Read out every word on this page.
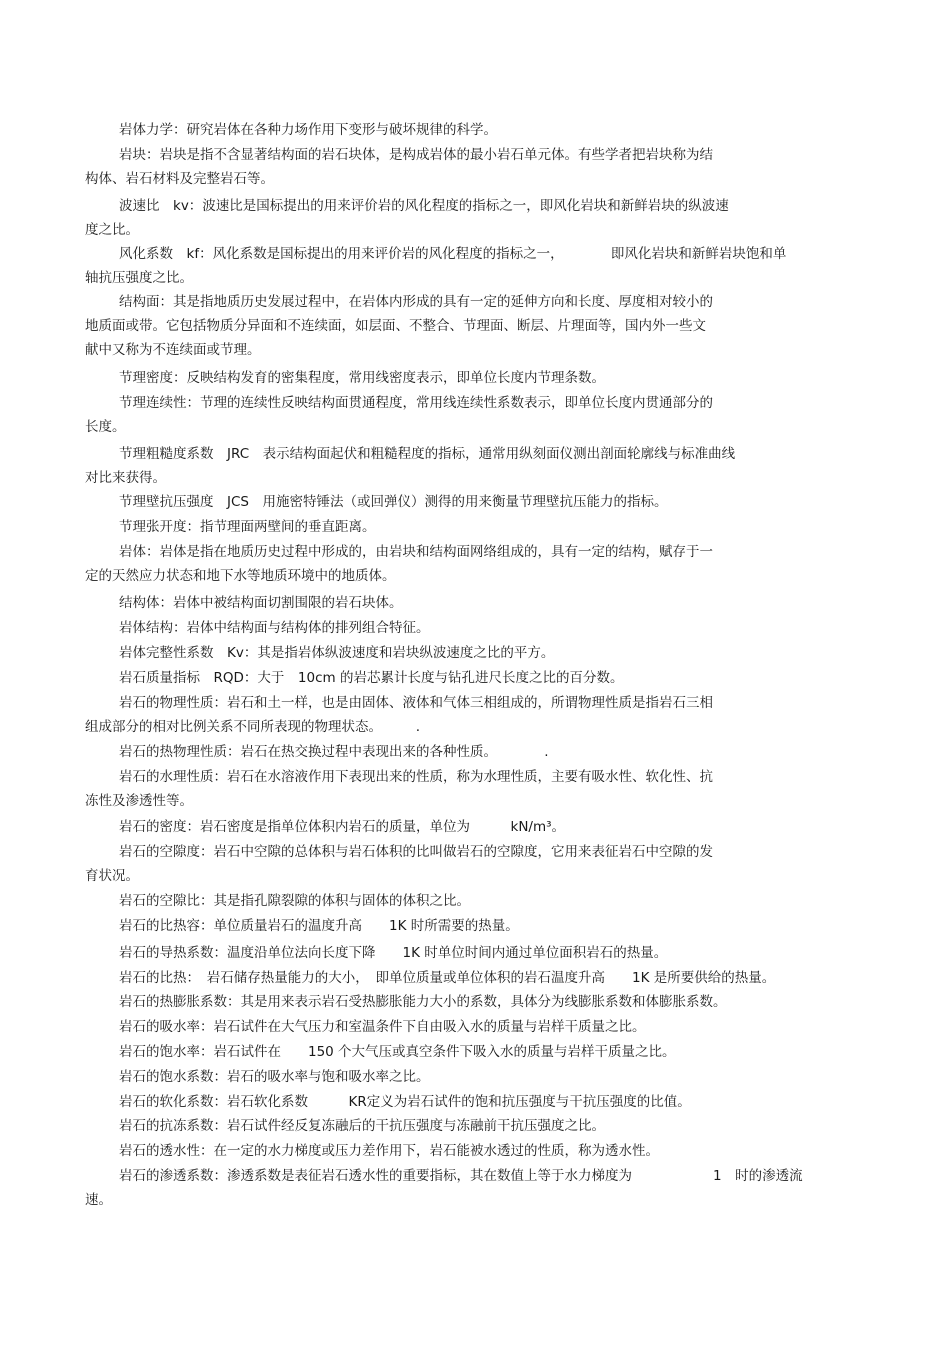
岩体力学：研究岩体在各种力场作用下变形与破坏规律的科学。
岩块：岩块是指不含显著结构面的岩石块体，是构成岩体的最小岩石单元体。有些学者把岩块称为结
构体、岩石材料及完整岩石等。
波速比　kv：波速比是国标提出的用来评价岩的风化程度的指标之一，即风化岩块和新鲜岩块的纵波速
度之比。
风化系数　kf：风化系数是国标提出的用来评价岩的风化程度的指标之一，　　　　即风化岩块和新鲜岩块饱和单
轴抗压强度之比。
结构面：其是指地质历史发展过程中，在岩体内形成的具有一定的延伸方向和长度、厚度相对较小的
地质面或带。它包括物质分异面和不连续面，如层面、不整合、节理面、断层、片理面等，国内外一些文
献中又称为不连续面或节理。
节理密度：反映结构发育的密集程度，常用线密度表示，即单位长度内节理条数。
节理连续性：节理的连续性反映结构面贯通程度，常用线连续性系数表示，即单位长度内贯通部分的
长度。
节理粗糙度系数　JRC　表示结构面起伏和粗糙程度的指标，通常用纵刻面仪测出剖面轮廓线与标准曲线
对比来获得。
节理壁抗压强度　JCS　用施密特锤法（或回弹仪）测得的用来衡量节理壁抗压能力的指标。
节理张开度：指节理面两壁间的垂直距离。
岩体：岩体是指在地质历史过程中形成的，由岩块和结构面网络组成的，具有一定的结构，赋存于一
定的天然应力状态和地下水等地质环境中的地质体。
结构体：岩体中被结构面切割围限的岩石块体。
岩体结构：岩体中结构面与结构体的排列组合特征。
岩体完整性系数　Kv：其是指岩体纵波速度和岩块纵波速度之比的平方。
岩石质量指标　RQD：大于　10cm 的岩芯累计长度与钻孔进尺长度之比的百分数。
岩石的物理性质：岩石和土一样，也是由固体、液体和气体三相组成的，所谓物理性质是指岩石三相
组成部分的相对比例关系不同所表现的物理状态。　　　.
岩石的热物理性质：岩石在热交换过程中表现出来的各种性质。　　　　.
岩石的水理性质：岩石在水溶液作用下表现出来的性质，称为水理性质，主要有吸水性、软化性、抗
冻性及渗透性等。
岩石的密度：岩石密度是指单位体积内岩石的质量，单位为　　　kN/m³。
岩石的空隙度：岩石中空隙的总体积与岩石体积的比叫做岩石的空隙度，它用来表征岩石中空隙的发
育状况。
岩石的空隙比：其是指孔隙裂隙的体积与固体的体积之比。
岩石的比热容：单位质量岩石的温度升高　　1K 时所需要的热量。
岩石的导热系数：温度沿单位法向长度下降　　1K 时单位时间内通过单位面积岩石的热量。
岩石的比热：　岩石储存热量能力的大小，　即单位质量或单位体积的岩石温度升高　　1K 是所要供给的热量。
岩石的热膨胀系数：其是用来表示岩石受热膨胀能力大小的系数，具体分为线膨胀系数和体膨胀系数。
岩石的吸水率：岩石试件在大气压力和室温条件下自由吸入水的质量与岩样干质量之比。
岩石的饱水率：岩石试件在　　150 个大气压或真空条件下吸入水的质量与岩样干质量之比。
岩石的饱水系数：岩石的吸水率与饱和吸水率之比。
岩石的软化系数：岩石软化系数　　　KR定义为岩石试件的饱和抗压强度与干抗压强度的比值。
岩石的抗冻系数：岩石试件经反复冻融后的干抗压强度与冻融前干抗压强度之比。
岩石的透水性：在一定的水力梯度或压力差作用下，岩石能被水透过的性质，称为透水性。
岩石的渗透系数：渗透系数是表征岩石透水性的重要指标，其在数值上等于水力梯度为　　　　　　1　时的渗透流
速。
